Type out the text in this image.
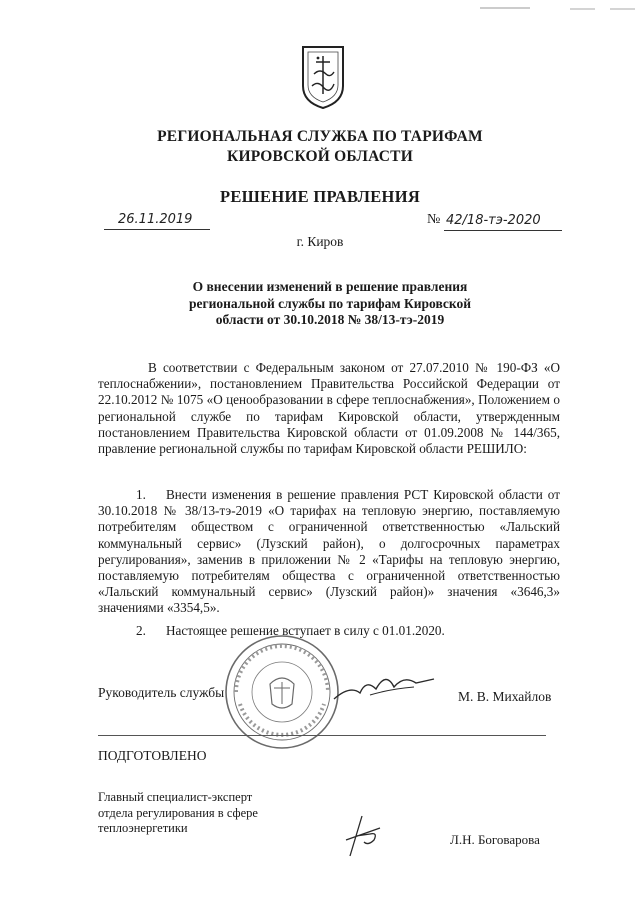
РЕГИОНАЛЬНАЯ СЛУЖБА ПО ТАРИФАМ
КИРОВСКОЙ ОБЛАСТИ
РЕШЕНИЕ ПРАВЛЕНИЯ
26.11.2019	№ 42/18-тэ-2020
г. Киров
О внесении изменений в решение правления
региональной службы по тарифам Кировской
области от 30.10.2018 № 38/13-тэ-2019
В соответствии с Федеральным законом от 27.07.2010 № 190-ФЗ «О теплоснабжении», постановлением Правительства Российской Федерации от 22.10.2012 № 1075 «О ценообразовании в сфере теплоснабжения», Положением о региональной службе по тарифам Кировской области, утвержденным постановлением Правительства Кировской области от 01.09.2008 № 144/365, правление региональной службы по тарифам Кировской области РЕШИЛО:
1. Внести изменения в решение правления РСТ Кировской области от 30.10.2018 № 38/13-тэ-2019 «О тарифах на тепловую энергию, поставляемую потребителям обществом с ограниченной ответственностью «Лальский коммунальный сервис» (Лузский район), о долгосрочных параметрах регулирования», заменив в приложении № 2 «Тарифы на тепловую энергию, поставляемую потребителям общества с ограниченной ответственностью «Лальский коммунальный сервис» (Лузский район)» значения «3646,3» значениями «3354,5».
2. Настоящее решение вступает в силу с 01.01.2020.
Руководитель службы	М. В. Михайлов
ПОДГОТОВЛЕНО
Главный специалист-эксперт
отдела регулирования в сфере
теплоэнергетики
Л.Н. Боговарова
